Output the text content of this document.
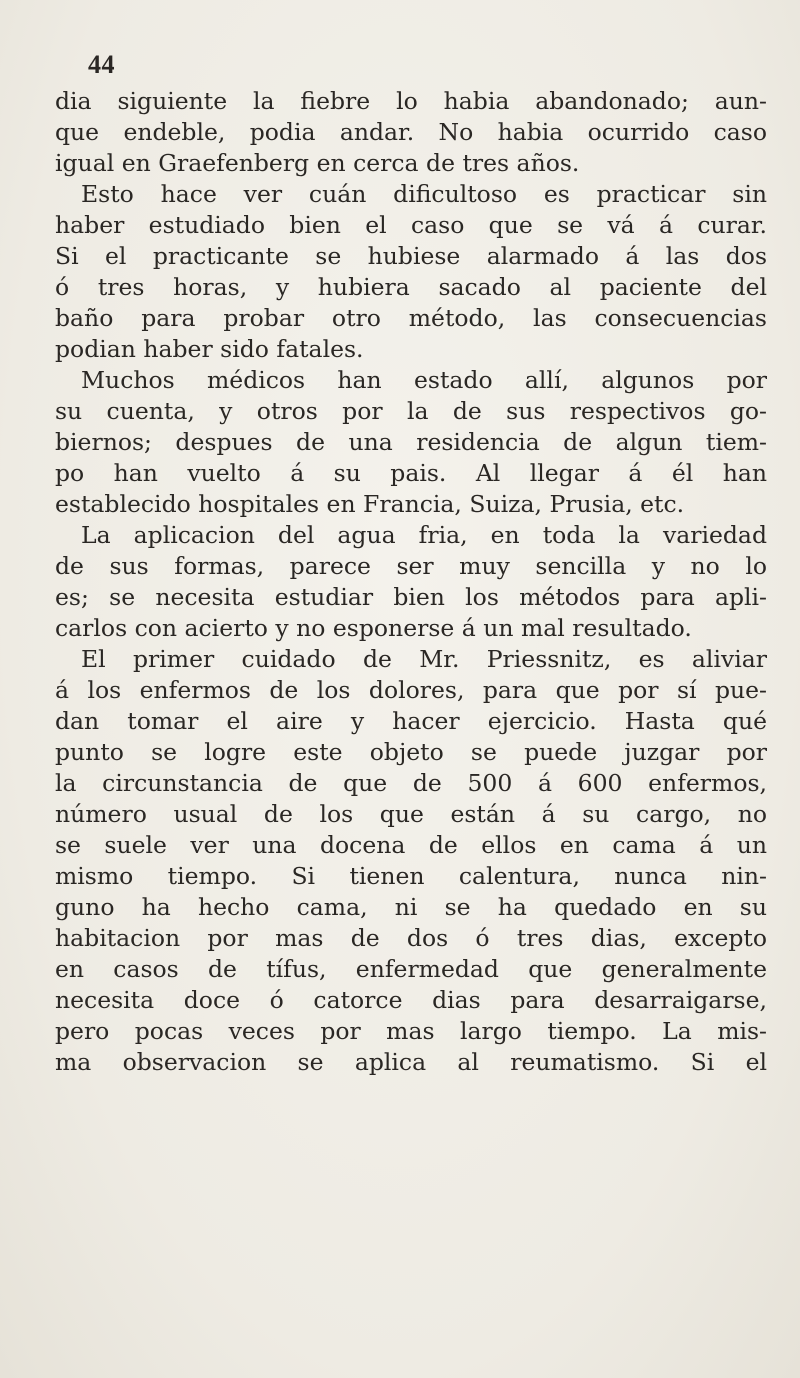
44
dia siguiente la fiebre lo habia abandonado; aun-
que endeble, podia andar. No habia ocurrido caso
igual en Graefenberg en cerca de tres años.
Esto hace ver cuán dificultoso es practicar sin
haber estudiado bien el caso que se vá á curar.
Si el practicante se hubiese alarmado á las dos
ó tres horas, y hubiera sacado al paciente del
baño para probar otro método, las consecuencias
podian haber sido fatales.
Muchos médicos han estado allí, algunos por
su cuenta, y otros por la de sus respectivos go-
biernos; despues de una residencia de algun tiem-
po han vuelto á su pais. Al llegar á él han
establecido hospitales en Francia, Suiza, Prusia, etc.
La aplicacion del agua fria, en toda la variedad
de sus formas, parece ser muy sencilla y no lo
es; se necesita estudiar bien los métodos para apli-
carlos con acierto y no esponerse á un mal resultado.
El primer cuidado de Mr. Priessnitz, es aliviar
á los enfermos de los dolores, para que por sí pue-
dan tomar el aire y hacer ejercicio. Hasta qué
punto se logre este objeto se puede juzgar por
la circunstancia de que de 500 á 600 enfermos,
número usual de los que están á su cargo, no
se suele ver una docena de ellos en cama á un
mismo tiempo. Si tienen calentura, nunca nin-
guno ha hecho cama, ni se ha quedado en su
habitacion por mas de dos ó tres dias, excepto
en casos de tífus, enfermedad que generalmente
necesita doce ó catorce dias para desarraigarse,
pero pocas veces por mas largo tiempo. La mis-
ma observacion se aplica al reumatismo. Si el
